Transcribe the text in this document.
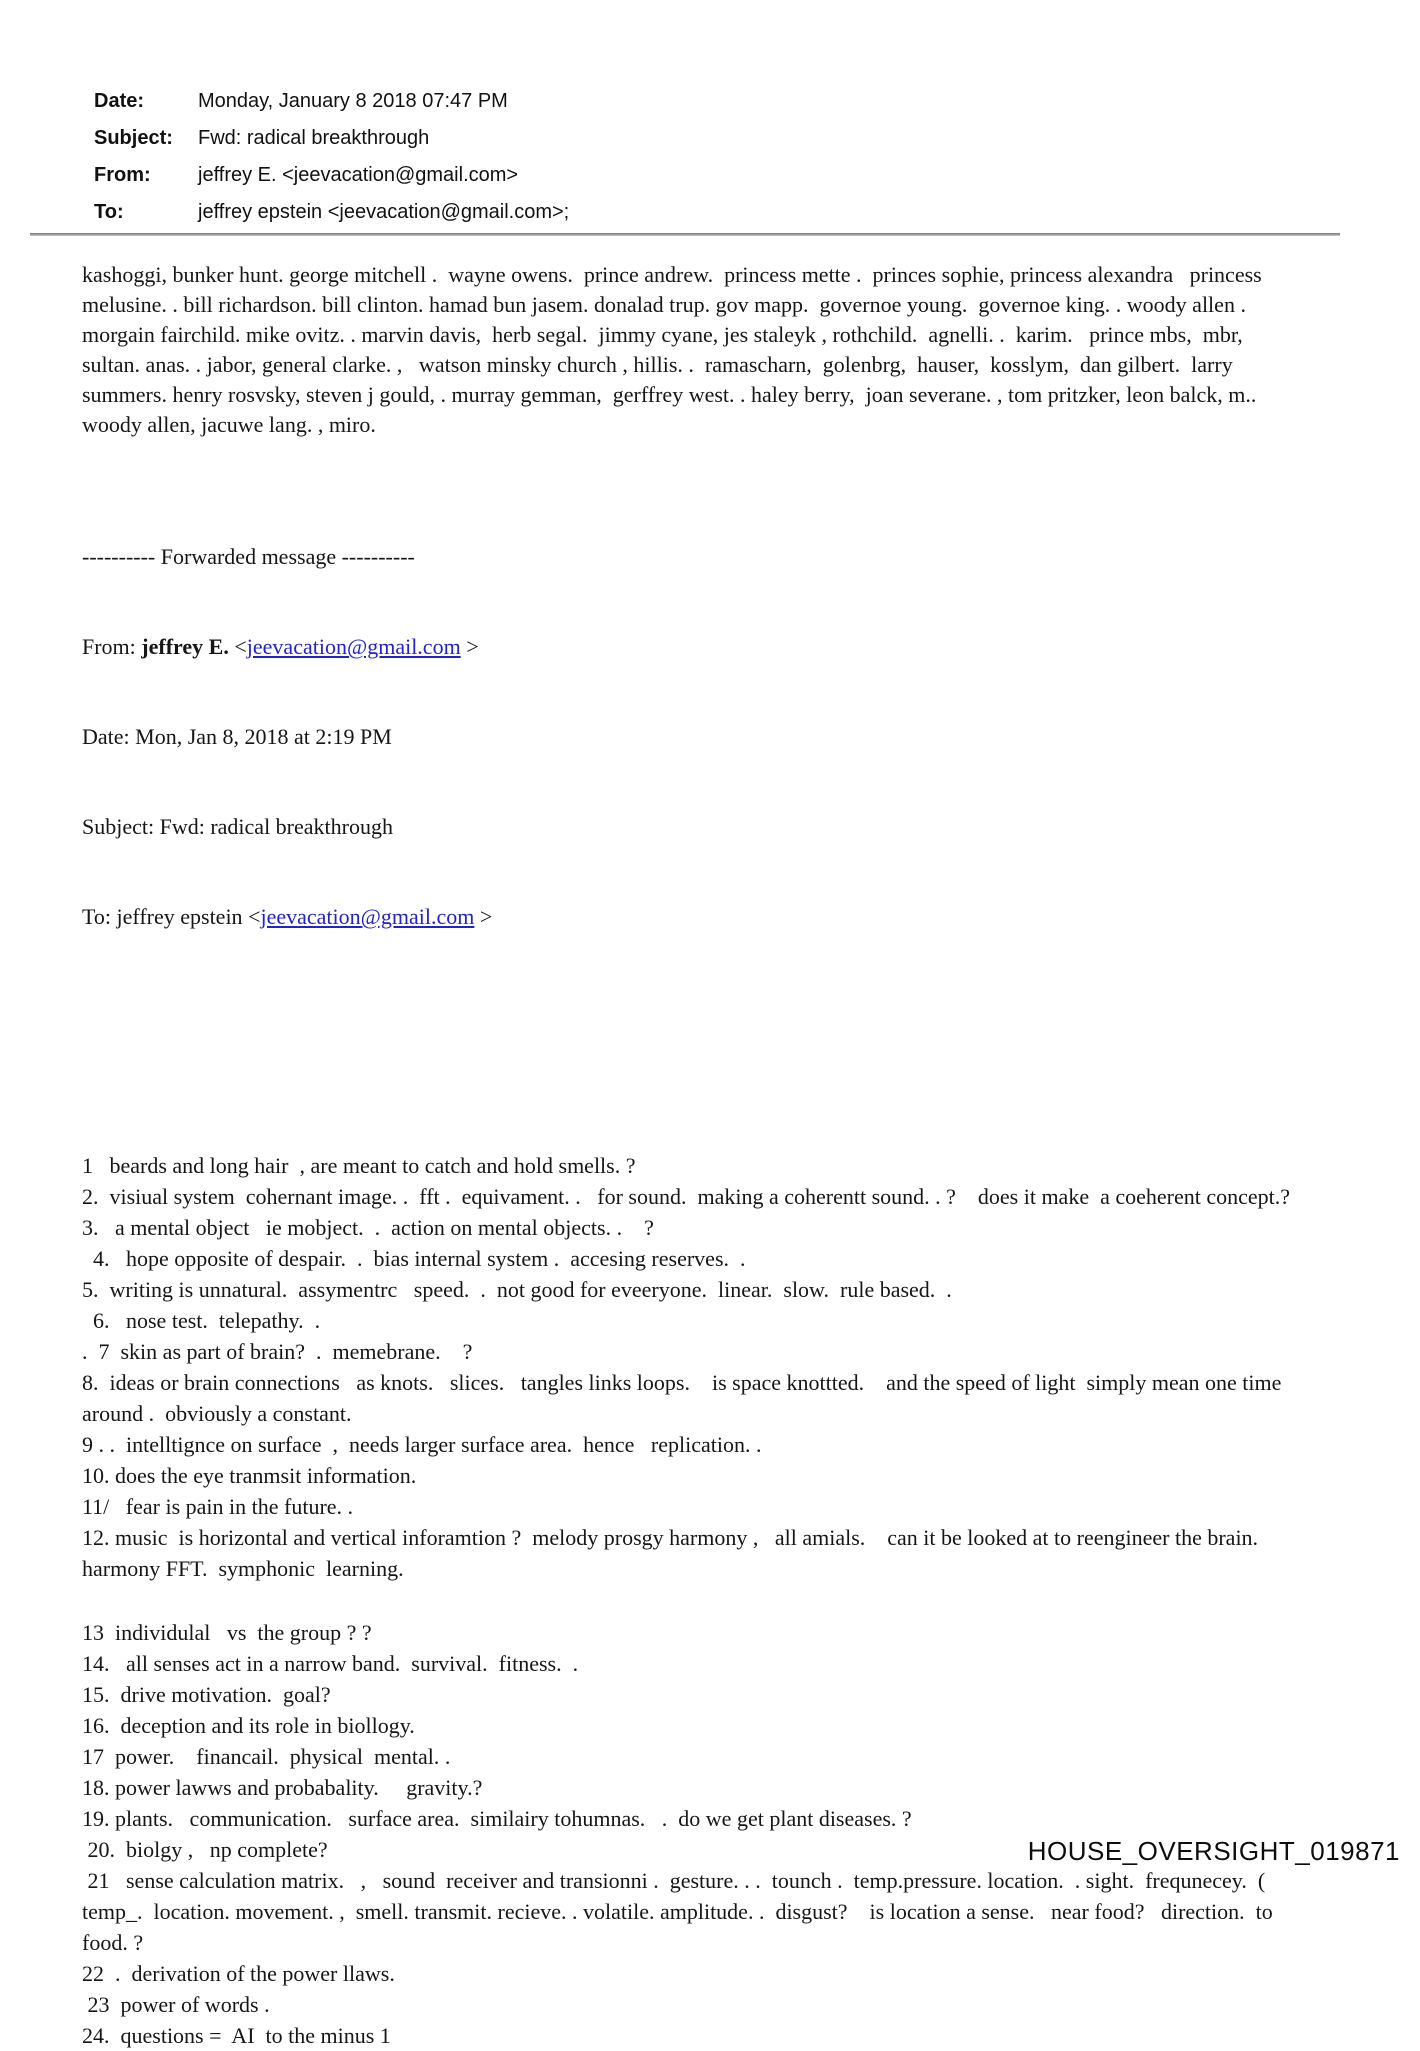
Date:	Monday, January 8 2018 07:47 PM
Subject:	Fwd: radical breakthrough
From:	jeffrey E. <jeevacation@gmail.com>
To:	jeffrey epstein <jeevacation@gmail.com>;
kashoggi, bunker hunt. george mitchell .  wayne owens.  prince andrew.  princess mette .  princes sophie, princess alexandra   princess melusine. . bill richardson. bill clinton. hamad bun jasem. donalad trup. gov mapp.  governoe young.  governoe king. . woody allen . morgain fairchild. mike ovitz. . marvin davis,  herb segal.  jimmy cyane, jes staleyk , rothchild.  agnelli. .  karim.   prince mbs,  mbr,  sultan. anas. . jabor, general clarke. ,   watson minsky church , hillis. .  ramascharn,  golenbrg,  hauser,  kosslym,  dan gilbert.  larry summers. henry rosvsky, steven j gould, . murray gemman,  gerffrey west. . haley berry,  joan severane. , tom pritzker, leon balck, m.. woody allen, jacuwe lang. , miro.

---------- Forwarded message ----------

From: jeffrey E. <jeevacation@gmail.com >

Date: Mon, Jan 8, 2018 at 2:19 PM

Subject: Fwd: radical breakthrough

To: jeffrey epstein <jeevacation@gmail.com >

1   beards and long hair  , are meant to catch and hold smells. ?
2.  visiual system  cohernant image. .  fft .  equivament. .   for sound.  making a coherentt sound. . ?    does it make  a coeherent concept.?
3.   a mental object   ie mobject.  .  action on mental objects. .    ?
4.   hope opposite of despair.  .  bias internal system .  accesing reserves.  .
5.  writing is unnatural.  assymentrc   speed.  .  not good for eveeryone.  linear.  slow.  rule based.  .
6.   nose test.  telepathy.  .
.  7  skin as part of brain?  .  memebrane.    ?
8.  ideas or brain connections   as knots.   slices.   tangles links loops.    is space knottted.    and the speed of light  simply mean one time around .  obviously a constant.
9 . .  intelltignce on surface  ,  needs larger surface area.  hence   replication. .
10. does the eye tranmsit information.
11/   fear is pain in the future. .
12. music  is horizontal and vertical inforamtion ?  melody prosgy harmony ,   all amials.    can it be looked at to reengineer the brain.  harmony FFT.  symphonic  learning.
13  individulal   vs  the group ? ?
14.   all senses act in a narrow band.  survival.  fitness.  .
15.  drive motivation.  goal?
16.  deception and its role in biollogy.
17  power.    financail.  physical  mental. .
18. power lawws and probabality.     gravity.?
19. plants.   communication.   surface area.  similairy tohumnas.   .  do we get plant diseases. ?
20.  biolgy ,   np complete?
21   sense calculation matrix.   ,   sound  receiver and transionni .  gesture. . .  tounch .  temp.pressure. location.  . sight.  frequnecey.  ( temp_.  location. movement. ,  smell. transmit. recieve. . volatile. amplitude. .  disgust?    is location a sense.   near food?   direction.  to food. ?
22  .  derivation of the power llaws.
23  power of words .
24.  questions =  AI  to the minus 1
HOUSE_OVERSIGHT_019871
